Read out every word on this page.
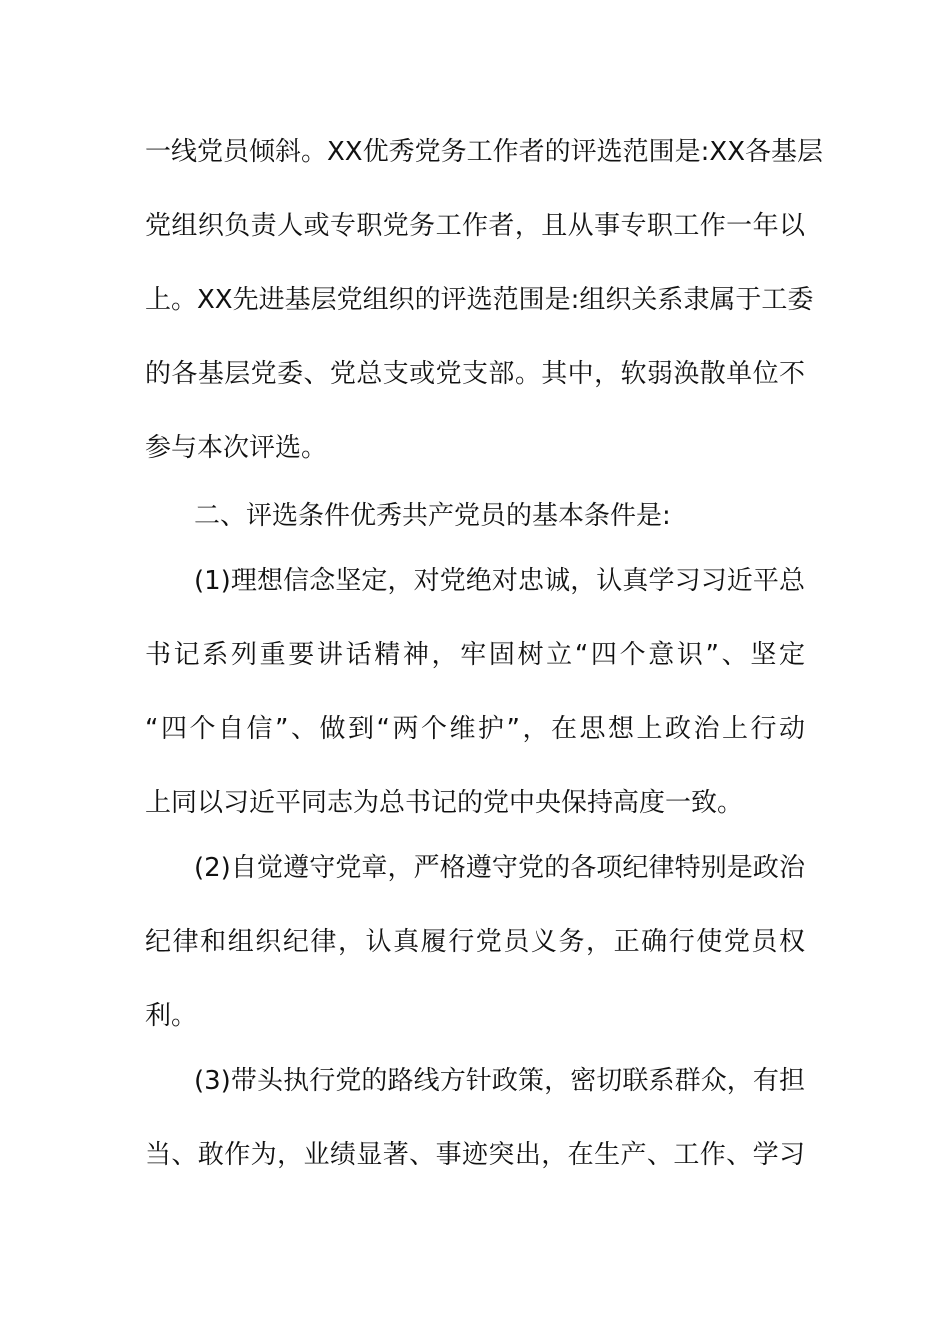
一线党员倾斜。XX优秀党务工作者的评选范围是:XX各基层
党组织负责人或专职党务工作者，且从事专职工作一年以
上。XX先进基层党组织的评选范围是:组织关系隶属于工委
的各基层党委、党总支或党支部。其中，软弱涣散单位不
参与本次评选。
二、评选条件优秀共产党员的基本条件是:
(1)理想信念坚定，对党绝对忠诚，认真学习习近平总
书记系列重要讲话精神，牢固树立“四个意识”、坚定
“四个自信”、做到“两个维护”，在思想上政治上行动
上同以习近平同志为总书记的党中央保持高度一致。
(2)自觉遵守党章，严格遵守党的各项纪律特别是政治
纪律和组织纪律，认真履行党员义务，正确行使党员权
利。
(3)带头执行党的路线方针政策，密切联系群众，有担
当、敢作为，业绩显著、事迹突出，在生产、工作、学习
